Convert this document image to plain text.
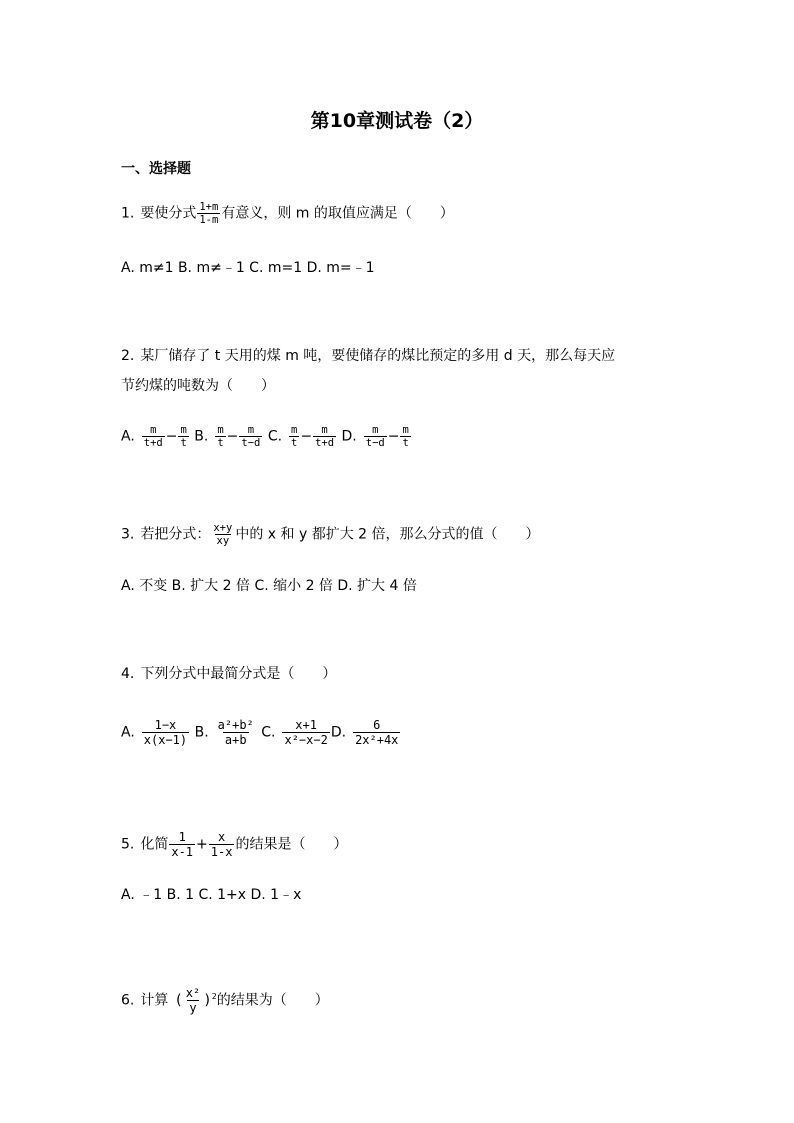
第10章测试卷（2）
一、选择题
1. 要使分式 $\frac{1+m}{1-m}$ 有意义，则 m 的取值应满足（　　）
A. m≠1 B. m≠﹣1 C. m=1 D. m=﹣1
2. 某厂储存了 t 天用的煤 m 吨，要使储存的煤比预定的多用 d 天，那么每天应
节约煤的吨数为（　　）
A. $\frac{m}{t+d} - \frac{m}{t} B$. $\frac{m}{t} - \frac{m}{t-d} C$. $\frac{m}{t} - \frac{m}{t+d} D$. $\frac{m}{t-d} - \frac{m}{t}$
3. 若把分式： $\frac{x+y}{xy}$ 中的 x 和 y 都扩大 2 倍，那么分式的值（　　）
A. 不变 B. 扩大 2 倍 C. 缩小 2 倍 D. 扩大 4 倍
4. 下列分式中最简分式是（　　）
A. $\frac{1-x}{x(x-1)} B$. $\frac{\text{a²+b²}}{a+b} C$. $\frac{x+1}{\text{x²−x−2}} D$. $\frac{6}{\text{2x²+4x}}$
5. 化简 $\frac{1}{x-1} + \frac{x}{1-x}$ 的结果是（　　）
A. ﹣1 B. 1 C. 1+x D. 1﹣x
6. 计算 ( $\frac{\text{x²}}{y} )^2$的结果为（　　）
